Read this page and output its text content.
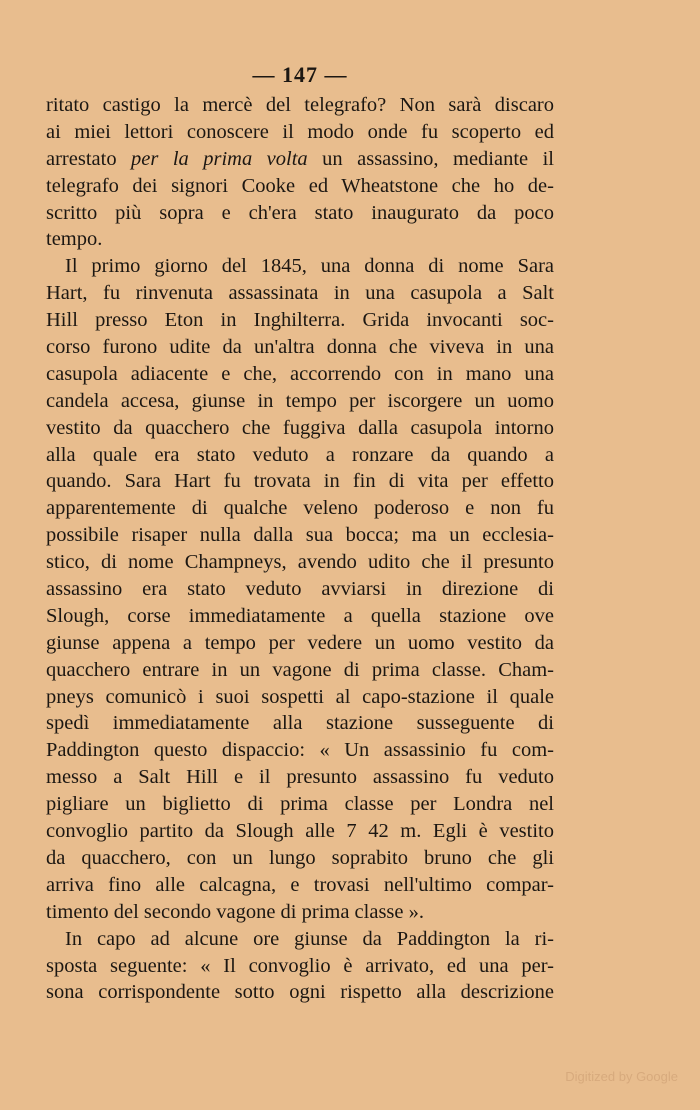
— 147 —
ritato castigo la mercè del telegrafo? Non sarà discaro
ai miei lettori conoscere il modo onde fu scoperto ed
arrestato per la prima volta un assassino, mediante il
telegrafo dei signori Cooke ed Wheatstone che ho de-
scritto più sopra e ch'era stato inaugurato da poco
tempo.
Il primo giorno del 1845, una donna di nome Sara
Hart, fu rinvenuta assassinata in una casupola a Salt
Hill presso Eton in Inghilterra. Grida invocanti soc-
corso furono udite da un'altra donna che viveva in una
casupola adiacente e che, accorrendo con in mano una
candela accesa, giunse in tempo per iscorgere un uomo
vestito da quacchero che fuggiva dalla casupola intorno
alla quale era stato veduto a ronzare da quando a
quando. Sara Hart fu trovata in fin di vita per effetto
apparentemente di qualche veleno poderoso e non fu
possibile risaper nulla dalla sua bocca; ma un ecclesia-
stico, di nome Champneys, avendo udito che il presunto
assassino era stato veduto avviarsi in direzione di
Slough, corse immediatamente a quella stazione ove
giunse appena a tempo per vedere un uomo vestito da
quacchero entrare in un vagone di prima classe. Cham-
pneys comunicò i suoi sospetti al capo-stazione il quale
spedì immediatamente alla stazione susseguente di
Paddington questo dispaccio: « Un assassinio fu com-
messo a Salt Hill e il presunto assassino fu veduto
pigliare un biglietto di prima classe per Londra nel
convoglio partito da Slough alle 7 42 m. Egli è vestito
da quacchero, con un lungo soprabito bruno che gli
arriva fino alle calcagna, e trovasi nell'ultimo compar-
timento del secondo vagone di prima classe ».
In capo ad alcune ore giunse da Paddington la ri-
sposta seguente: « Il convoglio è arrivato, ed una per-
sona corrispondente sotto ogni rispetto alla descrizione
Digitized by Google
